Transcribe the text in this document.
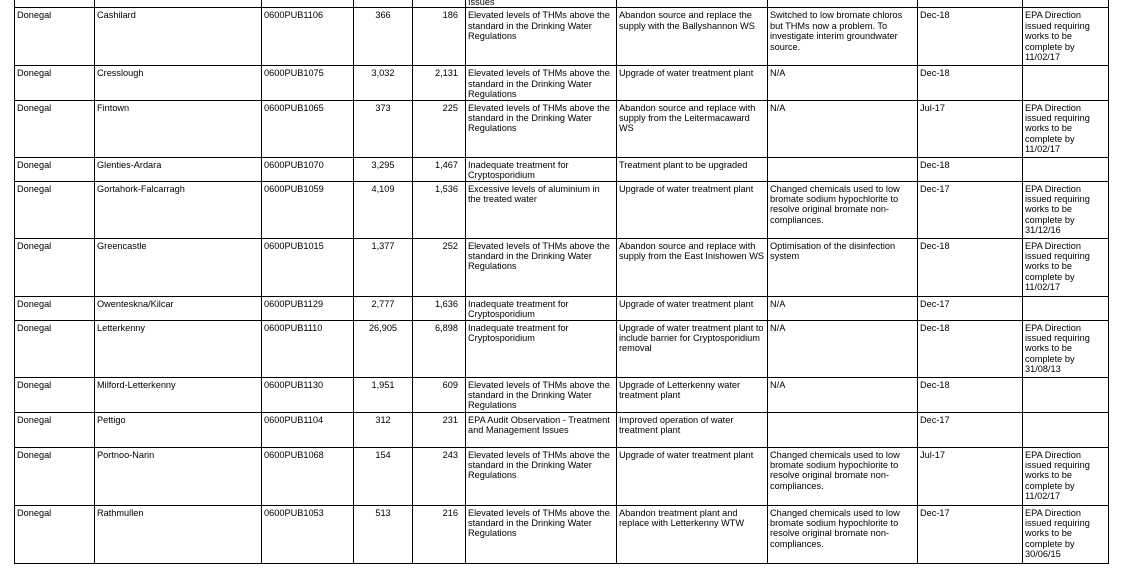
					Issues				
Donegal	Cashilard	0600PUB1106	366	186	Elevated levels of THMs above the standard in the Drinking Water Regulations	Abandon source and replace the supply with the Ballyshannon WS	Switched to low bromate chloros but THMs now a problem. To investigate interim groundwater source.	Dec-18	EPA Direction issued requiring works to be complete by 11/02/17
Donegal	Cresslough	0600PUB1075	3,032	2,131	Elevated levels of THMs above the standard in the Drinking Water Regulations	Upgrade of water treatment plant	N/A	Dec-18	
Donegal	Fintown	0600PUB1065	373	225	Elevated levels of THMs above the standard in the Drinking Water Regulations	Abandon source and replace with supply from the Leitermacaward WS	N/A	Jul-17	EPA Direction issued requiring works to be complete by 11/02/17
Donegal	Glenties-Ardara	0600PUB1070	3,295	1,467	Inadequate treatment for Cryptosporidium	Treatment plant to be upgraded		Dec-18	
Donegal	Gortahork-Falcarragh	0600PUB1059	4,109	1,536	Excessive levels of aluminium in the treated water	Upgrade of water treatment plant	Changed chemicals used to low bromate sodium hypochlorite to resolve original bromate non-compliances.	Dec-17	EPA Direction issued requiring works to be complete by 31/12/16
Donegal	Greencastle	0600PUB1015	1,377	252	Elevated levels of THMs above the standard in the Drinking Water Regulations	Abandon source and replace with supply from the East Inishowen WS	Optimisation of the disinfection system	Dec-18	EPA Direction issued requiring works to be complete by 11/02/17
Donegal	Owenteskna/Kilcar	0600PUB1129	2,777	1,636	Inadequate treatment for Cryptosporidium	Upgrade of water treatment plant	N/A	Dec-17	
Donegal	Letterkenny	0600PUB1110	26,905	6,898	Inadequate treatment for Cryptosporidium	Upgrade of water treatment plant to include barrier for Cryptosporidium removal	N/A	Dec-18	EPA Direction issued requiring works to be complete by 31/08/13
Donegal	Milford-Letterkenny	0600PUB1130	1,951	609	Elevated levels of THMs above the standard in the Drinking Water Regulations	Upgrade of Letterkenny water treatment plant	N/A	Dec-18	
Donegal	Pettigo	0600PUB1104	312	231	EPA Audit Observation - Treatment and Management Issues	Improved operation of water treatment plant		Dec-17	
Donegal	Portnoo-Narin	0600PUB1068	154	243	Elevated levels of THMs above the standard in the Drinking Water Regulations	Upgrade of water treatment plant	Changed chemicals used to low bromate sodium hypochlorite to resolve original bromate non-compliances.	Jul-17	EPA Direction issued requiring works to be complete by 11/02/17
Donegal	Rathmullen	0600PUB1053	513	216	Elevated levels of THMs above the standard in the Drinking Water Regulations	Abandon treatment plant and replace with Letterkenny WTW	Changed chemicals used to low bromate sodium hypochlorite to resolve original bromate non-compliances.	Dec-17	EPA Direction issued requiring works to be complete by 30/06/15
